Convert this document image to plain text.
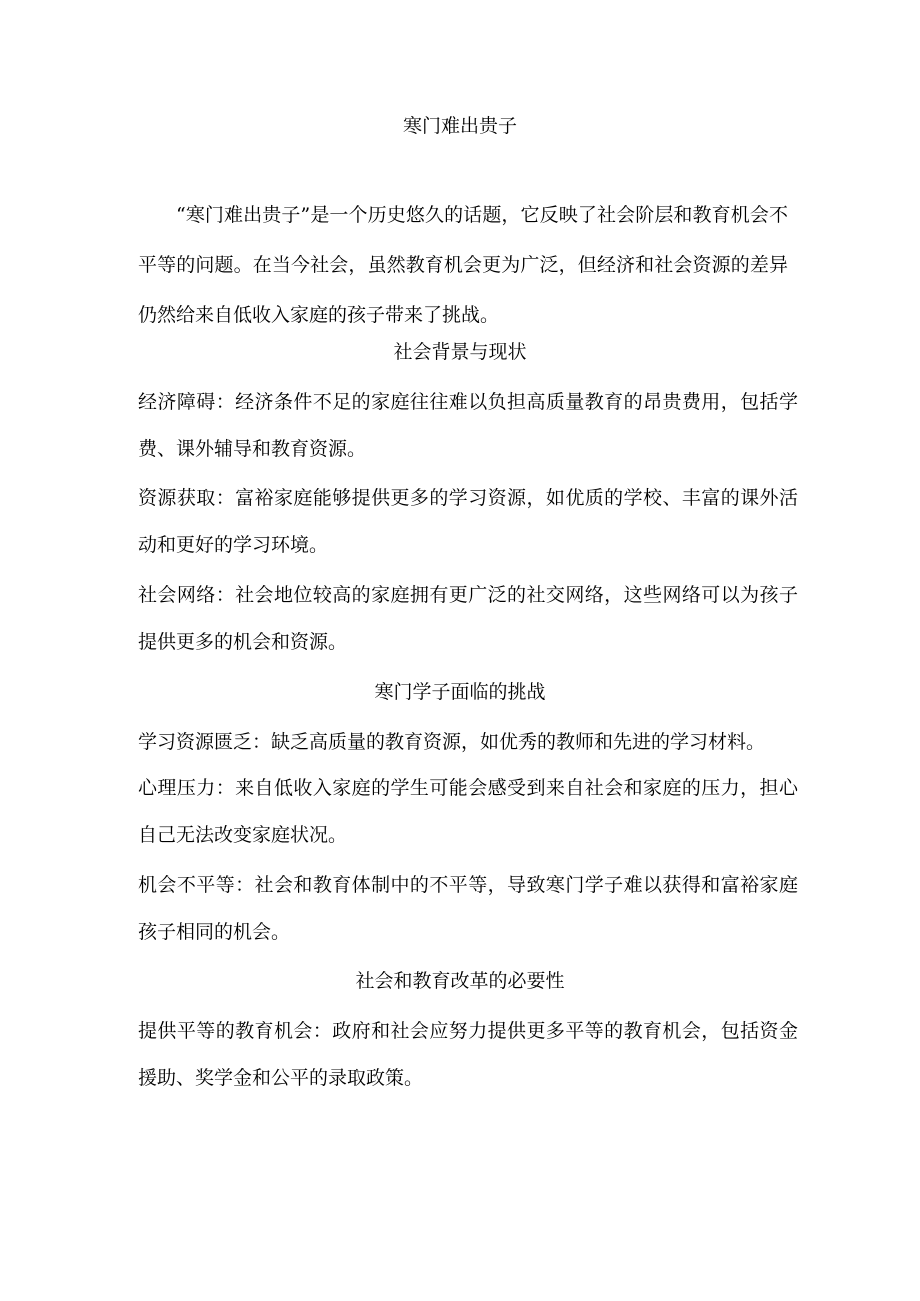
寒门难出贵子

“寒门难出贵子”是一个历史悠久的话题，它反映了社会阶层和教育机会不平等的问题。在当今社会，虽然教育机会更为广泛，但经济和社会资源的差异仍然给来自低收入家庭的孩子带来了挑战。

社会背景与现状

经济障碍：经济条件不足的家庭往往难以负担高质量教育的昂贵费用，包括学费、课外辅导和教育资源。

资源获取：富裕家庭能够提供更多的学习资源，如优质的学校、丰富的课外活动和更好的学习环境。

社会网络：社会地位较高的家庭拥有更广泛的社交网络，这些网络可以为孩子提供更多的机会和资源。

寒门学子面临的挑战

学习资源匮乏：缺乏高质量的教育资源，如优秀的教师和先进的学习材料。

心理压力：来自低收入家庭的学生可能会感受到来自社会和家庭的压力，担心自己无法改变家庭状况。

机会不平等：社会和教育体制中的不平等，导致寒门学子难以获得和富裕家庭孩子相同的机会。

社会和教育改革的必要性

提供平等的教育机会：政府和社会应努力提供更多平等的教育机会，包括资金援助、奖学金和公平的录取政策。
